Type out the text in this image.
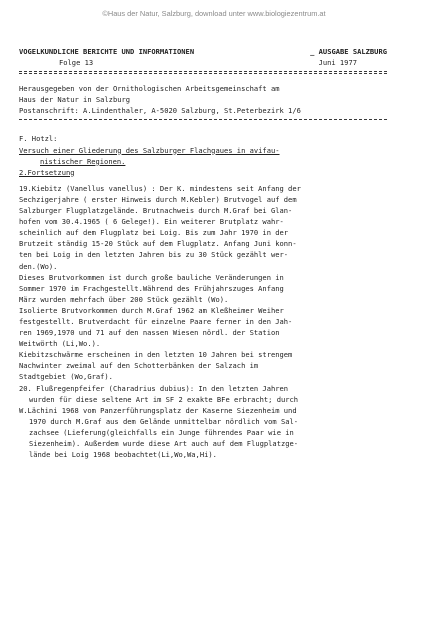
©Haus der Natur, Salzburg, download unter www.biologiezentrum.at
VOGELKUNDLICHE BERICHTE UND INFORMATIONEN	_ AUSGABE SALZBURG
Folge 13	Juni 1977
Herausgegeben von der Ornithologischen Arbeitsgemeinschaft am
Haus der Natur in Salzburg
Postanschrift: A.Lindenthaler, A-5020 Salzburg, St.Peterbezirk 1/6
F. Hotzl:
Versuch einer Gliederung des Salzburger Flachgaues in avifau-
nistischer Regionen.
2.Fortsetzung
19.Kiebitz (Vanellus vanellus) : Der K. mindestens seit Anfang der
Sechzigerjahre ( erster Hinweis durch M.Kebler) Brutvogel auf dem
Salzburger Flugplatzgelände. Brutnachweis durch M.Graf bei Glan-
hofen vom 30.4.1965 ( 6 Gelege!). Ein weiterer Brutplatz wahr-
scheinlich auf dem Flugplatz bei Loig. Bis zum Jahr 1970 in der
Brutzeit ständig 15-20 Stück auf dem Flugplatz. Anfang Juni konn-
ten bei Loig in den letzten Jahren bis zu 30 Stück gezählt wer-
den.(Wo).
Dieses Brutvorkommen ist durch große bauliche Veränderungen in
Sommer 1970 im Frachgestellt.Während des Frühjahrszuges Anfang
März wurden mehrfach über 200 Stück gezählt (Wo).
Isolierte Brutvorkommen durch M.Graf 1962 am Kleßheimer Weiher
festgestellt. Brutverdacht für einzelne Paare ferner in den Jah-
ren 1969,1970 und 71 auf den nassen Wiesen nördl. der Station
Weitwörth (Li,Wo.).
Kiebitzschwärme erscheinen in den letzten 10 Jahren bei strengem
Nachwinter zweimal auf den Schotterbänken der Salzach im
Stadtgebiet (Wo,Graf).
20. Flußregenpfeifer (Charadrius dubius): In den letzten Jahren
wurden für diese seltene Art im SF 2 exakte BFe erbracht; durch
W.Lächini 1968 vom Panzerführungsplatz der Kaserne Siezenheim und
1970 durch M.Graf aus dem Gelände unmittelbar nördlich vom Sal-
zachsee (Lieferung(gleichfalls ein Junge führendes Paar wie in
Siezenheim). Außerdem wurde diese Art auch auf dem Flugplatzge-
lände bei Loig 1968 beobachtet(Li,Wo,Wa,Hi).
